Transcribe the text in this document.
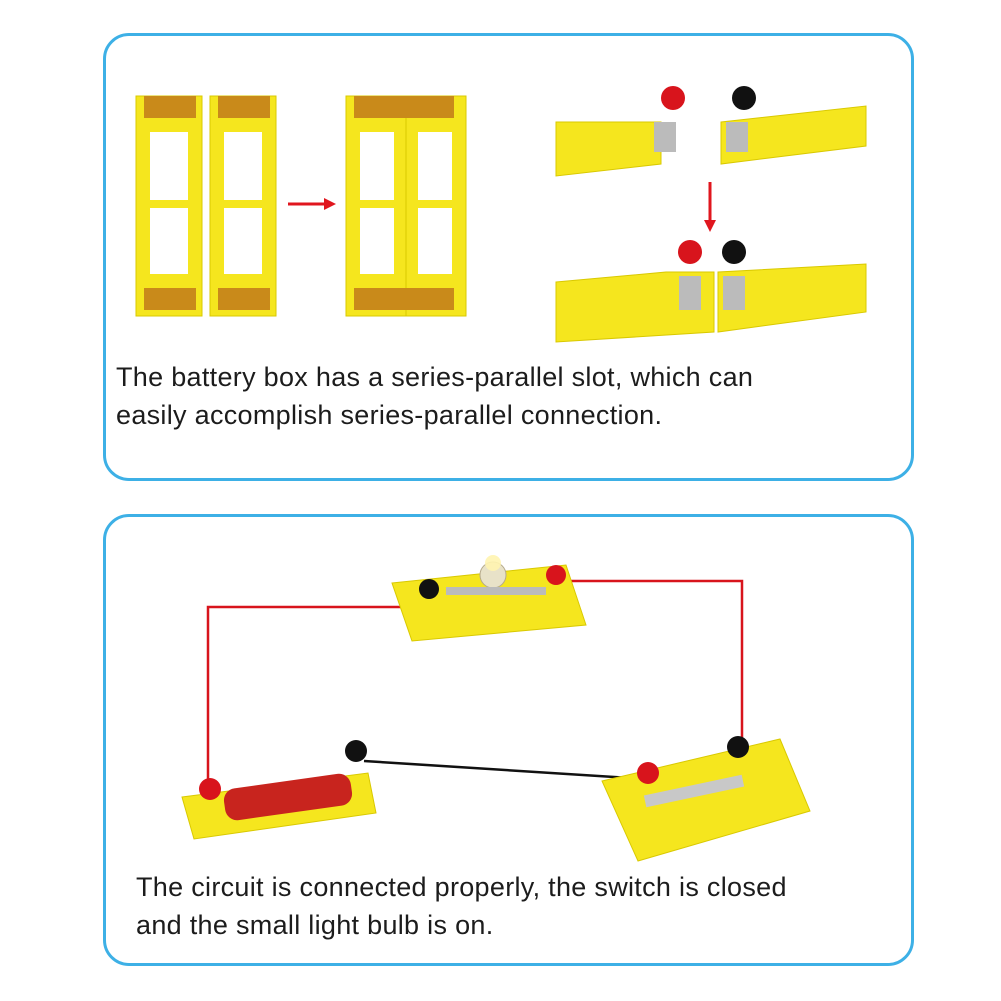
The battery box has a series-parallel slot, which can
easily accomplish series-parallel connection.

The circuit is connected properly, the switch is closed
and the small light bulb is on.
